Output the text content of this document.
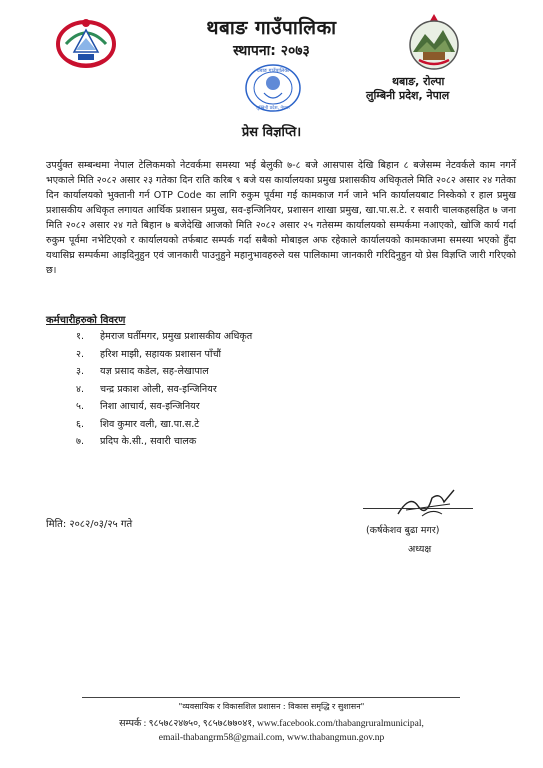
थबाङ गाउँपालिका
स्थापना: २०७३
थबाङ गाउँपालिका
लुम्बिनी प्रदेश, नेपाल
थबाङ, रोल्पा
लुम्बिनी प्रदेश, नेपाल
प्रेस विज्ञप्ति।
उपर्युक्त सम्बन्धमा नेपाल टेलिकमको नेटवर्कमा समस्या भई बेलुकी ७-८ बजे आसपास देखि बिहान ८ बजेसम्म नेटवर्कले काम नगर्ने भएकाले मिति २०८२ असार २३ गतेका दिन राति करिब ९ बजे यस कार्यालयका प्रमुख प्रशासकीय अधिकृतले मिति २०८२ असार २४ गतेका दिन कार्यालयको भुक्तानी गर्न OTP Code का लागि रुकुम पूर्वमा गई कामकाज गर्न जाने भनि कार्यालयबाट निस्केको र हाल प्रमुख प्रशासकीय अधिकृत लगायत आर्थिक प्रशासन प्रमुख, सव-इन्जिनियर, प्रशासन शाखा प्रमुख, खा.पा.स.टे. र सवारी चालकहसहित ७ जना मिति २०८२ असार २४ गते बिहान ७ बजेदेखि आजको मिति २०८२ असार २५ गतेसम्म कार्यालयको सम्पर्कमा नआएको, खोजि कार्य गर्दा रुकुम पूर्वमा नभेटिएको र कार्यालयको तर्फबाट सम्पर्क गर्दा सबैको मोबाइल अफ रहेकाले कार्यालयको कामकाजमा समस्या भएको हुँदा यथासिघ्र सम्पर्कमा आइदिनुहुन एवं जानकारी पाउनुहुने महानुभावहरुले यस पालिकामा जानकारी गरिदिनुहुन यो प्रेस विज्ञप्ति जारी गरिएको छ।
कर्मचारीहरुको विवरण
१. हेमराज घर्तीमगर, प्रमुख प्रशासकीय अधिकृत
२. हरिश माझी, सहायक प्रशासन पाँचौं
३. यज्ञ प्रसाद कडेल, सह-लेखापाल
४. चन्द्र प्रकाश ओली, सव-इन्जिनियर
५. निशा आचार्य, सव-इन्जिनियर
६. शिव कुमार वली, खा.पा.स.टे
७. प्रदिप के.सी., सवारी चालक
मिति: २०८२/०३/२५ गते
(कर्षकेशव बुढा मगर)
अध्यक्ष
"व्यवसायिक र विकासशिल प्रशासन : विकास समृद्धि र सुशासन"
सम्पर्क : ९८५७८२४७५०, ९८५७८७७०४१, www.facebook.com/thabangruralmunicipal,
email-thabangrm58@gmail.com, www.thabangmun.gov.np
